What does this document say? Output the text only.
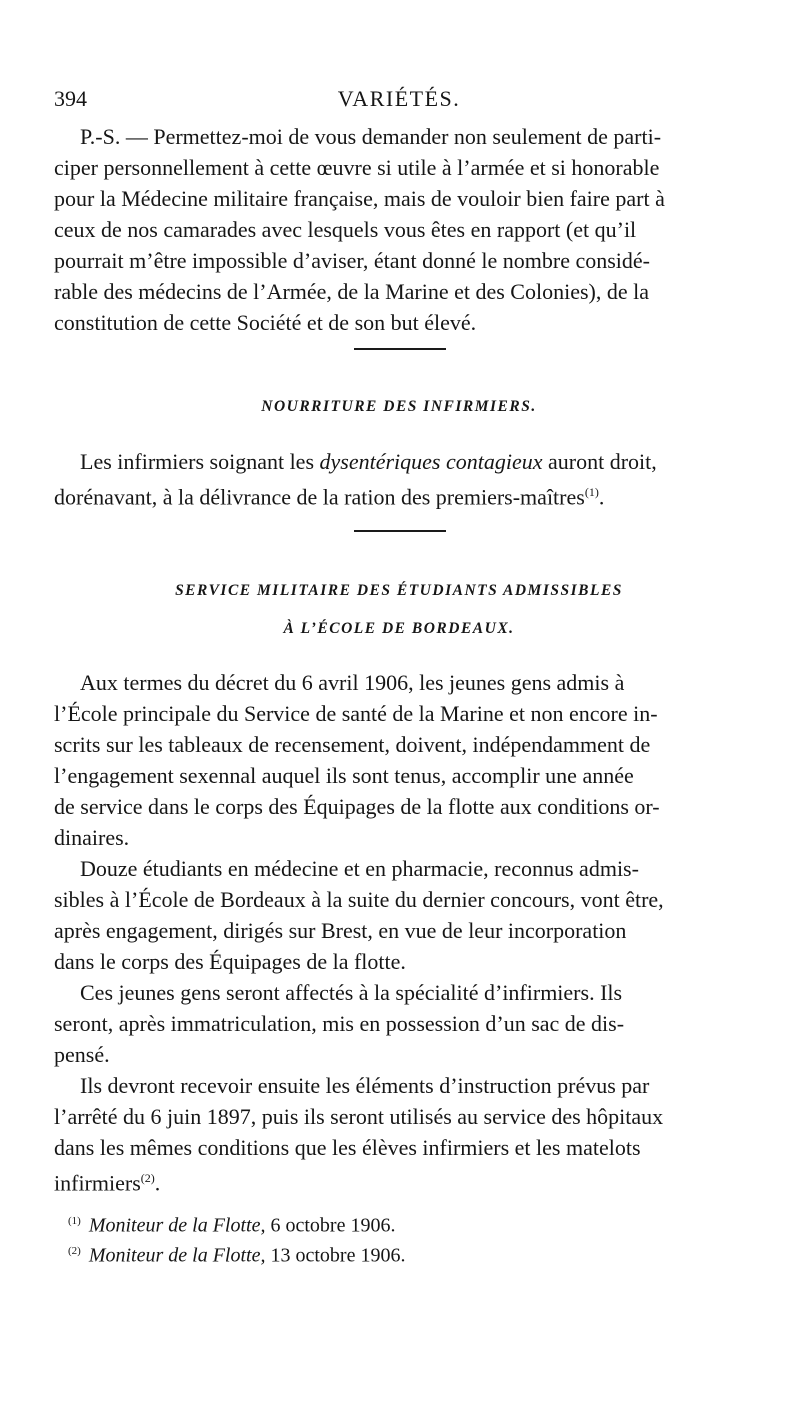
394	VARIÉTÉS.
P.-S. — Permettez-moi de vous demander non seulement de parti-
ciper personnellement à cette œuvre si utile à l’armée et si honorable
pour la Médecine militaire française, mais de vouloir bien faire part à
ceux de nos camarades avec lesquels vous êtes en rapport (et qu’il
pourrait m’être impossible d’aviser, étant donné le nombre considé-
rable des médecins de l’Armée, de la Marine et des Colonies), de la
constitution de cette Société et de son but élevé.
NOURRITURE DES INFIRMIERS.
Les infirmiers soignant les dysentériques contagieux auront droit,
dorénavant, à la délivrance de la ration des premiers-maîtres$^{(1)}$.
SERVICE MILITAIRE DES ÉTUDIANTS ADMISSIBLES
À L’ÉCOLE DE BORDEAUX.
Aux termes du décret du 6 avril 1906, les jeunes gens admis à
l’École principale du Service de santé de la Marine et non encore in-
scrits sur les tableaux de recensement, doivent, indépendamment de
l’engagement sexennal auquel ils sont tenus, accomplir une année
de service dans le corps des Équipages de la flotte aux conditions or-
dinaires.
Douze étudiants en médecine et en pharmacie, reconnus admis-
sibles à l’École de Bordeaux à la suite du dernier concours, vont être,
après engagement, dirigés sur Brest, en vue de leur incorporation
dans le corps des Équipages de la flotte.
Ces jeunes gens seront affectés à la spécialité d’infirmiers. Ils
seront, après immatriculation, mis en possession d’un sac de dis-
pensé.
Ils devront recevoir ensuite les éléments d’instruction prévus par
l’arrêté du 6 juin 1897, puis ils seront utilisés au service des hôpitaux
dans les mêmes conditions que les élèves infirmiers et les matelots
infirmiers$^{(2)}$.
$^{(1)}$ Moniteur de la Flotte, 6 octobre 1906.
$^{(2)}$ Moniteur de la Flotte, 13 octobre 1906.
